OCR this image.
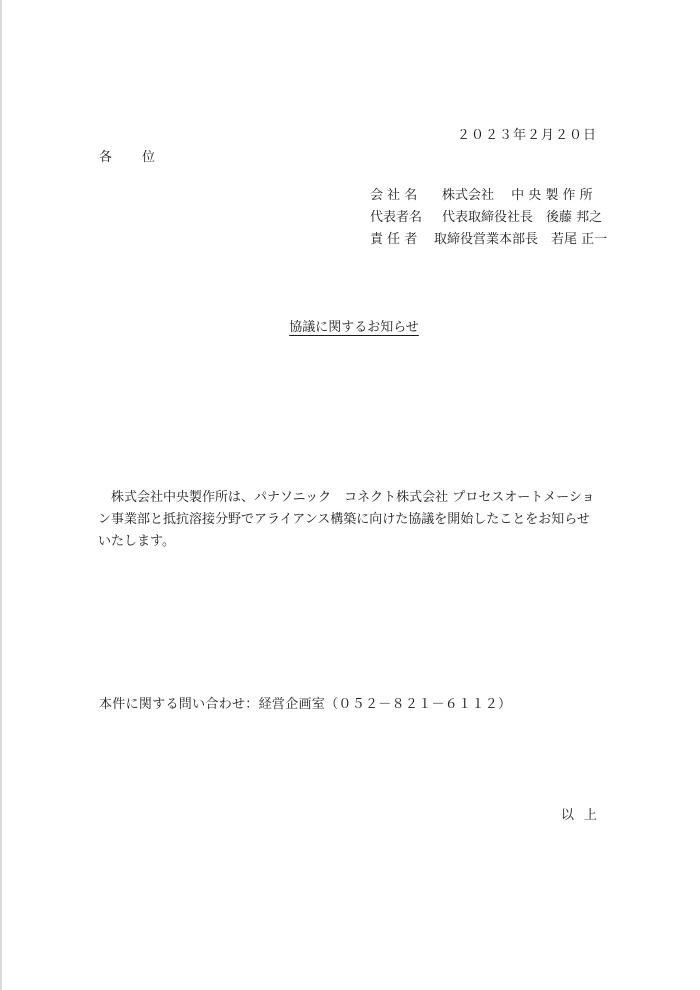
２０２３年２月２０日
各 位
会 社 名	株式会社　 中 央 製 作 所
代表者名	代表取締役社長　後藤 邦之
責 任 者	取締役営業本部長　若尾 正一
協議に関するお知らせ
株式会社中央製作所は、パナソニック　コネクト株式会社 プロセスオートメーション事業部と抵抗溶接分野でアライアンス構築に向けた協議を開始したことをお知らせいたします。
本件に関する問い合わせ：経営企画室（０５２－８２１－６１１２）
以 上
